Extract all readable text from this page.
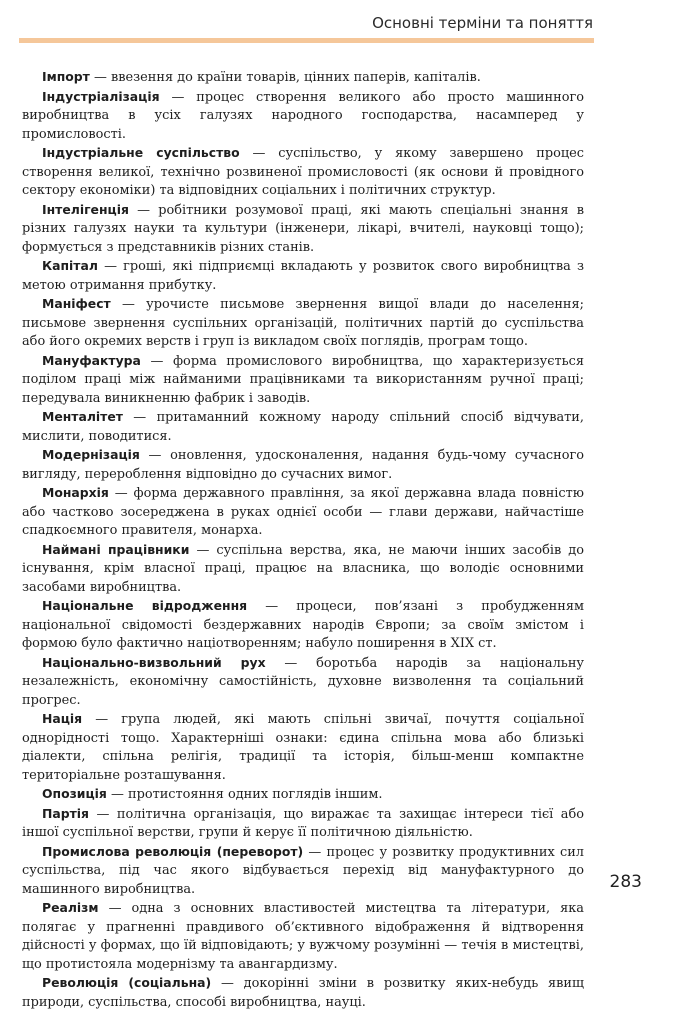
Основні терміни та поняття

Імпорт — ввезення до країни товарів, цінних паперів, капіталів.

Індустріалізація — процес створення великого або просто машинного виробництва в усіх галузях народного господарства, насамперед у промисловості.

Індустріальне суспільство — суспільство, у якому завершено процес створення великої, технічно розвиненої промисловості (як основи й провідного сектору економіки) та відповідних соціальних і політичних структур.

Інтелігенція — робітники розумової праці, які мають спеціальні знання в різних галузях науки та культури (інженери, лікарі, вчителі, науковці тощо); формується з представників різних станів.

Капітал — гроші, які підприємці вкладають у розвиток свого виробництва з метою отримання прибутку.

Маніфест — урочисте письмове звернення вищої влади до населення; письмове звернення суспільних організацій, політичних партій до суспільства або його окремих верств і груп із викладом своїх поглядів, програм тощо.

Мануфактура — форма промислового виробництва, що характеризується поділом праці між найманими працівниками та використанням ручної праці; передувала виникненню фабрик і заводів.

Менталітет — притаманний кожному народу спільний спосіб відчувати, мислити, поводитися.

Модернізація — оновлення, удосконалення, надання будь-чому сучасного вигляду, перероблення відповідно до сучасних вимог.

Монархія — форма державного правління, за якої державна влада повністю або частково зосереджена в руках однієї особи — глави держави, найчастіше спадкоємного правителя, монарха.

Наймані працівники — суспільна верства, яка, не маючи інших засобів до існування, крім власної праці, працює на власника, що володіє основними засобами виробництва.

Національне відродження — процеси, пов’язані з пробудженням національної свідомості бездержавних народів Європи; за своїм змістом і формою було фактично націотворенням; набуло поширення в XIX ст.

Національно-визвольний рух — боротьба народів за національну незалежність, економічну самостійність, духовне визволення та соціальний прогрес.

Нація — група людей, які мають спільні звичаї, почуття соціальної однорідності тощо. Характерніші ознаки: єдина спільна мова або близькі діалекти, спільна релігія, традиції та історія, більш-менш компактне територіальне розташування.

Опозиція — протистояння одних поглядів іншим.

Партія — політична організація, що виражає та захищає інтереси тієї або іншої суспільної верстви, групи й керує її політичною діяльністю.

Промислова революція (переворот) — процес у розвитку продуктивних сил суспільства, під час якого відбувається перехід від мануфактурного до машинного виробництва.

Реалізм — одна з основних властивостей мистецтва та літератури, яка полягає у прагненні правдивого об’єктивного відображення й відтворення дійсності у формах, що їй відповідають; у вужчому розумінні — течія в мистецтві, що протистояла модернізму та авангардизму.

Революція (соціальна) — докорінні зміни в розвитку яких-небудь явищ природи, суспільства, способі виробництва, науці.

283
